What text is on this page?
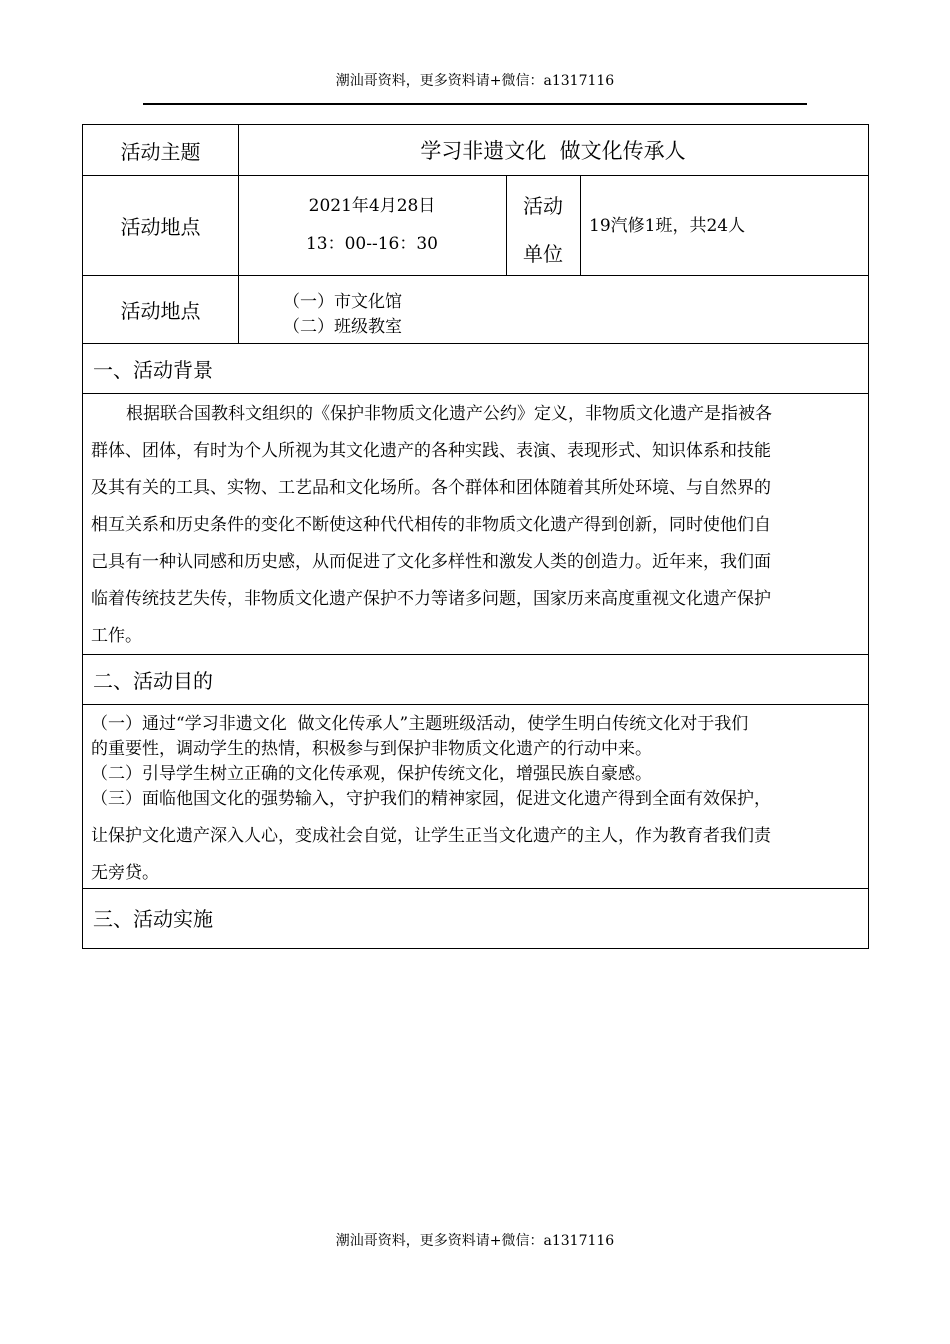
潮汕哥资料，更多资料请+微信：a1317116
活动主题	学习非遗文化  做文化传承人
活动地点
2021年4月28日
13：00--16：30
活动
单位
19汽修1班，共24人
活动地点	（一）市文化馆
（二）班级教室
一、活动背景
根据联合国教科文组织的《保护非物质文化遗产公约》定义，非物质文化遗产是指被各
群体、团体，有时为个人所视为其文化遗产的各种实践、表演、表现形式、知识体系和技能
及其有关的工具、实物、工艺品和文化场所。各个群体和团体随着其所处环境、与自然界的
相互关系和历史条件的变化不断使这种代代相传的非物质文化遗产得到创新，同时使他们自
己具有一种认同感和历史感，从而促进了文化多样性和激发人类的创造力。近年来，我们面
临着传统技艺失传，非物质文化遗产保护不力等诸多问题，国家历来高度重视文化遗产保护
工作。
二、活动目的
（一）通过“学习非遗文化  做文化传承人”主题班级活动，使学生明白传统文化对于我们
的重要性，调动学生的热情，积极参与到保护非物质文化遗产的行动中来。
（二）引导学生树立正确的文化传承观，保护传统文化，增强民族自豪感。
（三）面临他国文化的强势输入，守护我们的精神家园，促进文化遗产得到全面有效保护，
让保护文化遗产深入人心，变成社会自觉，让学生正当文化遗产的主人，作为教育者我们责
无旁贷。
三、活动实施
潮汕哥资料，更多资料请+微信：a1317116
